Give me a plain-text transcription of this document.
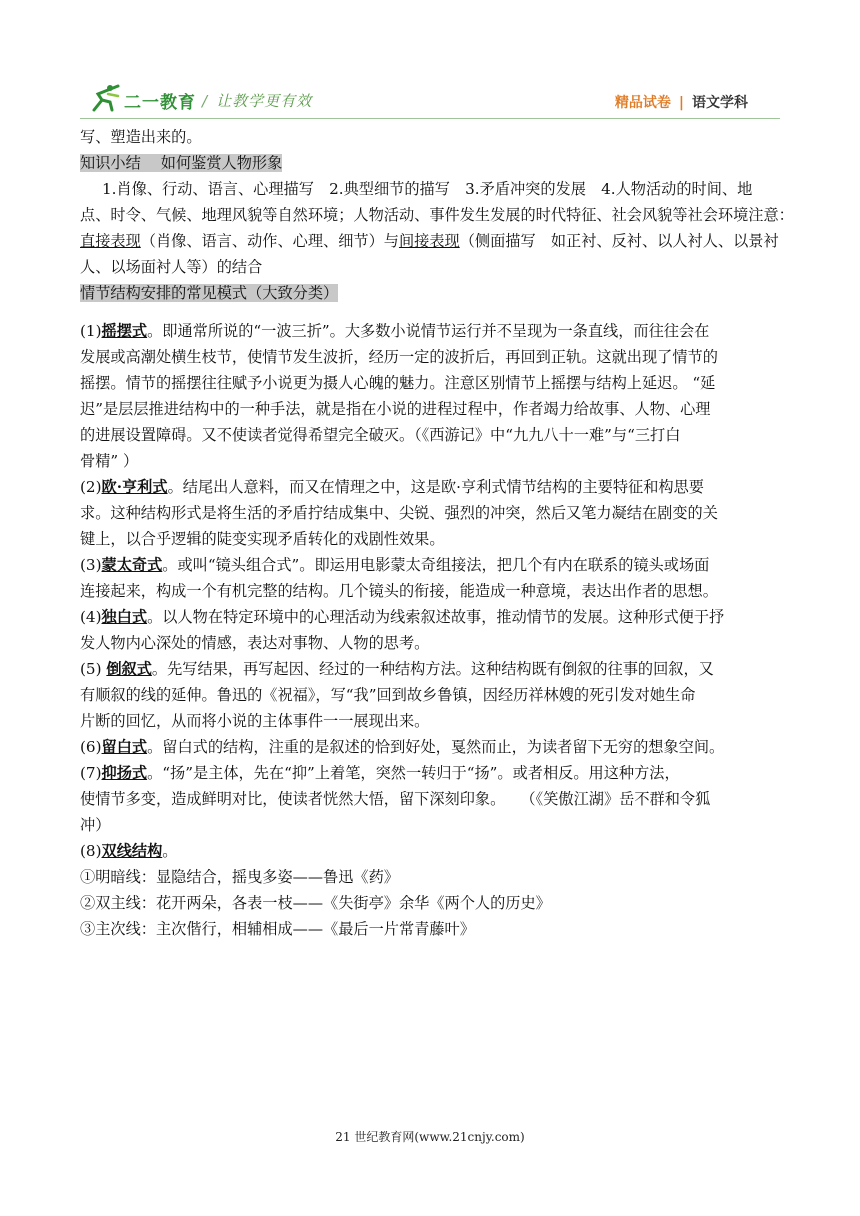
二一教育 / 让教学更有效	精品试卷 | 语文学科
写、塑造出来的。
知识小结　 如何鉴赏人物形象
1.肖像、行动、语言、心理描写　2.典型细节的描写　3.矛盾冲突的发展　4.人物活动的时间、地
点、时令、气候、地理风貌等自然环境；人物活动、事件发生发展的时代特征、社会风貌等社会环境注意：
直接表现（肖像、语言、动作、心理、细节）与间接表现（侧面描写　如正衬、反衬、以人衬人、以景衬
人、以场面衬人等）的结合
情节结构安排的常见模式（大致分类）
(1)摇摆式。即通常所说的“一波三折”。大多数小说情节运行并不呈现为一条直线，而往往会在
发展或高潮处横生枝节，使情节发生波折，经历一定的波折后，再回到正轨。这就出现了情节的
摇摆。情节的摇摆往往赋予小说更为摄人心魄的魅力。注意区别情节上摇摆与结构上延迟。 “延
迟”是层层推进结构中的一种手法，就是指在小说的进程过程中，作者竭力给故事、人物、心理
的进展设置障碍。又不使读者觉得希望完全破灭。（《西游记》中“九九八十一难”与“三打白
骨精” ）
(2)欧·亨利式。结尾出人意料，而又在情理之中，这是欧·亨利式情节结构的主要特征和构思要
求。这种结构形式是将生活的矛盾拧结成集中、尖锐、强烈的冲突，然后又笔力凝结在剧变的关
键上，以合乎逻辑的陡变实现矛盾转化的戏剧性效果。
(3)蒙太奇式。或叫“镜头组合式”。即运用电影蒙太奇组接法，把几个有内在联系的镜头或场面
连接起来，构成一个有机完整的结构。几个镜头的衔接，能造成一种意境，表达出作者的思想。
(4)独白式。以人物在特定环境中的心理活动为线索叙述故事，推动情节的发展。这种形式便于抒
发人物内心深处的情感，表达对事物、人物的思考。
(5) 倒叙式。先写结果，再写起因、经过的一种结构方法。这种结构既有倒叙的往事的回叙，又
有顺叙的线的延伸。鲁迅的《祝福》，写“我”回到故乡鲁镇，因经历祥林嫂的死引发对她生命
片断的回忆，从而将小说的主体事件一一展现出来。
(6)留白式。留白式的结构，注重的是叙述的恰到好处，戛然而止，为读者留下无穷的想象空间。
(7)抑扬式。“扬”是主体，先在“抑”上着笔，突然一转归于“扬”。或者相反。用这种方法，
使情节多变，造成鲜明对比，使读者恍然大悟，留下深刻印象。　　（《笑傲江湖》岳不群和令狐
冲）
(8)双线结构。
①明暗线：显隐结合，摇曳多姿——鲁迅《药》
②双主线：花开两朵，各表一枝——《失街亭》余华《两个人的历史》
③主次线：主次偕行，相辅相成——《最后一片常青藤叶》
21 世纪教育网(www.21cnjy.com)
